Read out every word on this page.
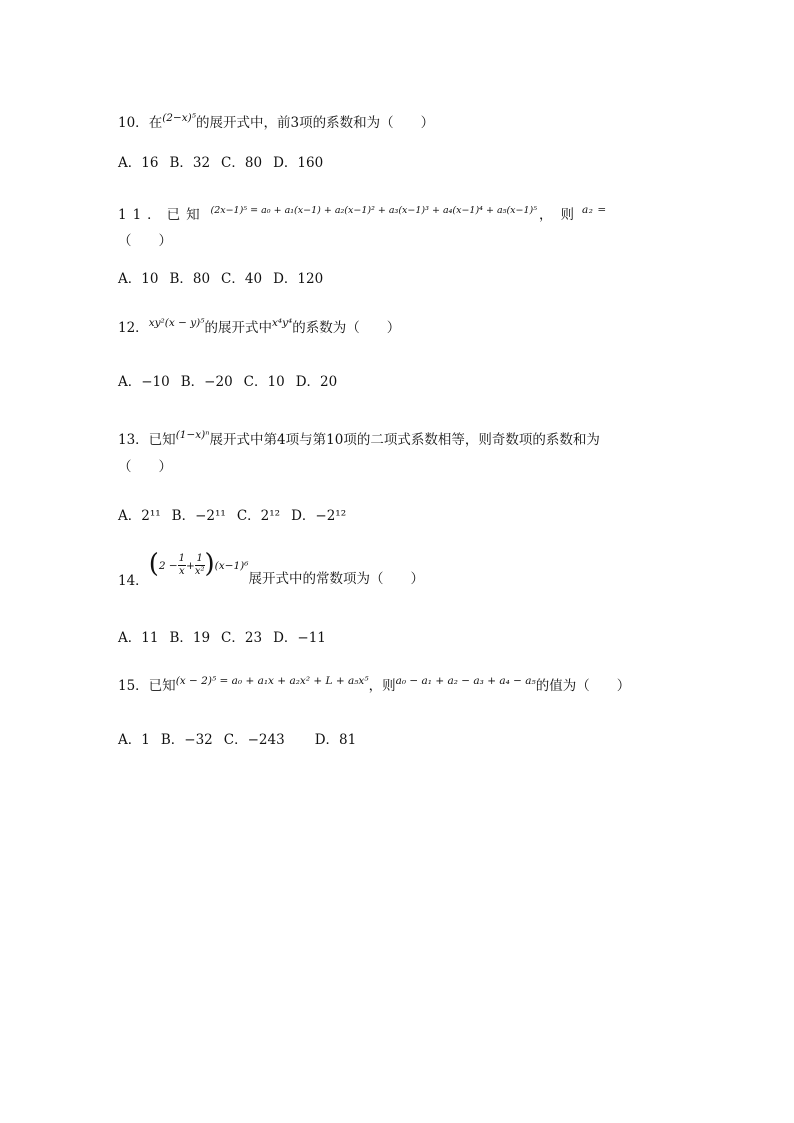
10．在$^{(2-x)^5}$的展开式中，前3项的系数和为（　　）
A．16 B．32 C．80 D．160
11．已知 $^{(2x-1)^5 = a_0 + a_1(x-1) + a_2(x-1)^2 + a_3(x-1)^3 + a_4(x-1)^4 + a_5(x-1)^5}$ ，则$^{a_2 =}$
（　　）
A．10 B．80 C．40 D．120
12．$^{xy^2(x - y)^5}$的展开式中$^{x^4y^4}$的系数为（　　）
A．−10 B．−20 C．10 D．20
13．已知$^{(1-x)^n}$展开式中第4项与第10项的二项式系数相等，则奇数项的系数和为
（　　）
A．2¹¹ B．−2¹¹ C．2¹² D．−2¹²
14．$(2 - \frac{1}{x} + \frac{1}{\text{x²}} )(x-1)^6$展开式中的常数项为（　　）
A．11 B．19 C．23 D．−11
15．已知$^{(x - 2)^5 = a_0 + a_1x + a_2x^2 + L + a_5x^5}$，则$^{a_0 - a_1 + a_2 - a_3 + a_4 - a_5}$的值为（　　）
A．1 B．−32 C．−243 D．81
